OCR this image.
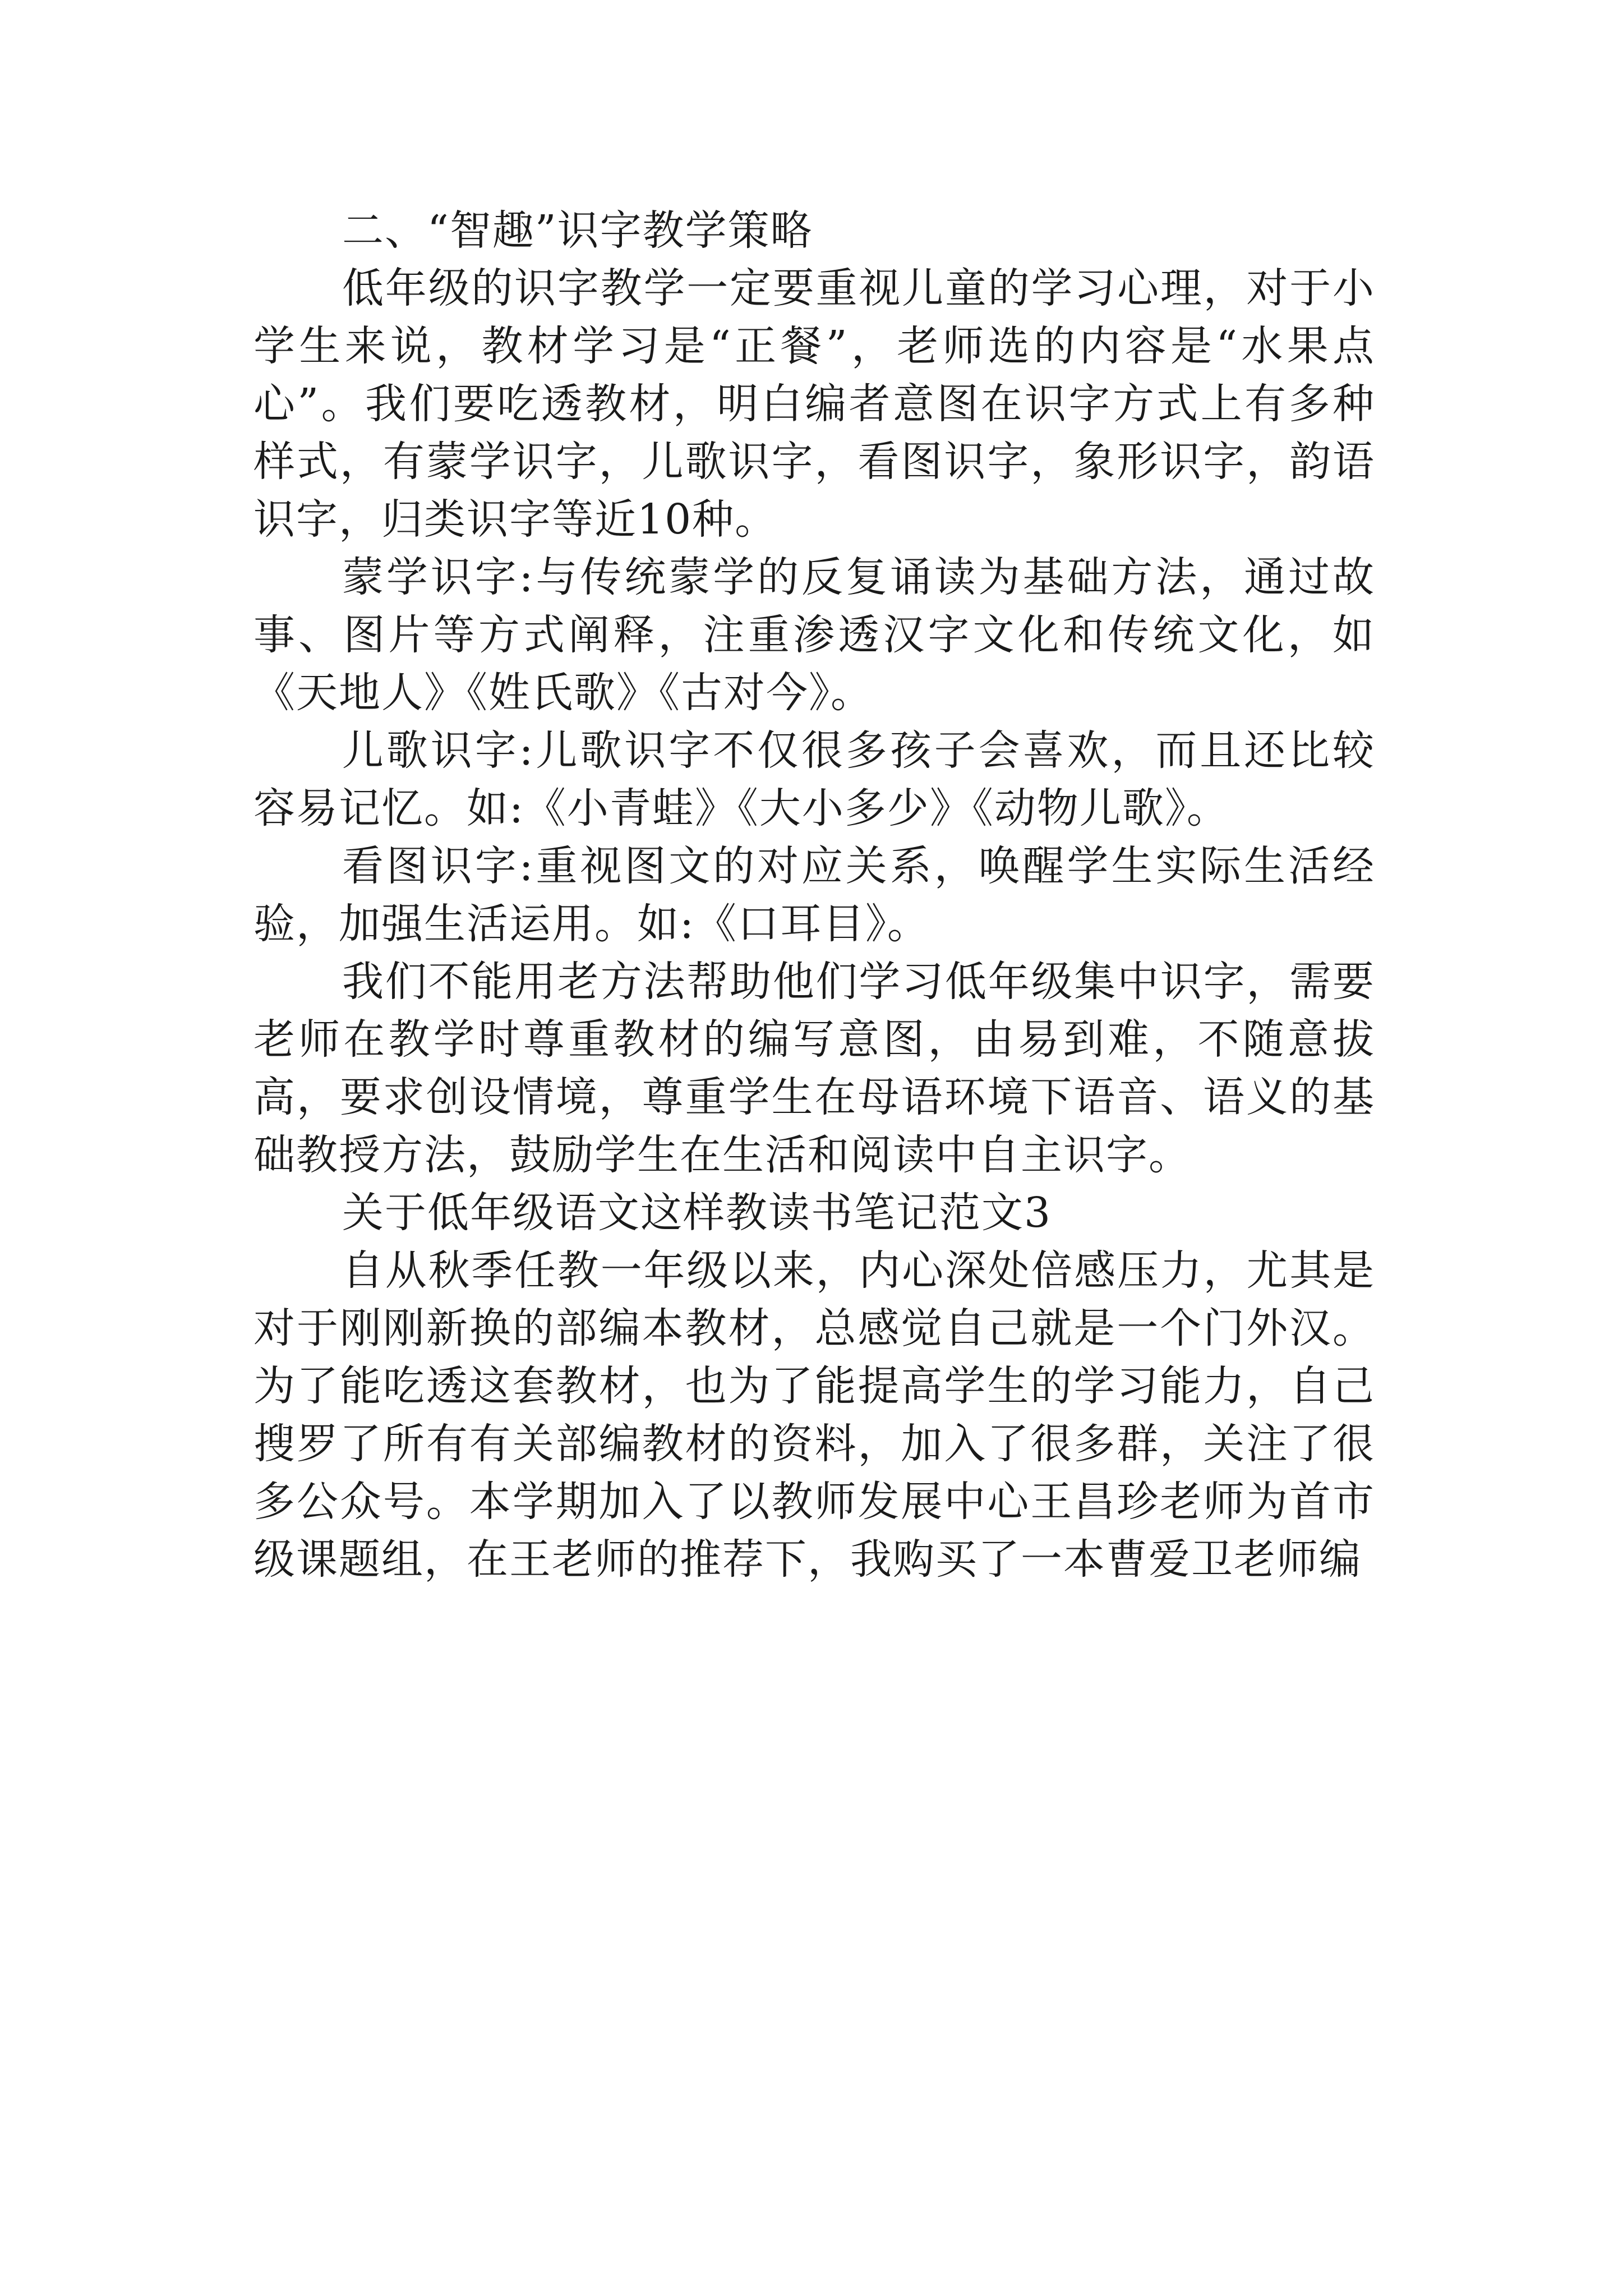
二、“智趣”识字教学策略

低年级的识字教学一定要重视儿童的学习心理，对于小学生来说，教材学习是“正餐”，老师选的内容是“水果点心”。我们要吃透教材，明白编者意图在识字方式上有多种样式，有蒙学识字，儿歌识字，看图识字，象形识字，韵语识字，归类识字等近10种。

蒙学识字:与传统蒙学的反复诵读为基础方法，通过故事、图片等方式阐释，注重渗透汉字文化和传统文化，如《天地人》《姓氏歌》《古对今》。

儿歌识字:儿歌识字不仅很多孩子会喜欢，而且还比较容易记忆。如:《小青蛙》《大小多少》《动物儿歌》。

看图识字:重视图文的对应关系，唤醒学生实际生活经验，加强生活运用。如:《口耳目》。

我们不能用老方法帮助他们学习低年级集中识字，需要老师在教学时尊重教材的编写意图，由易到难，不随意拔高，要求创设情境，尊重学生在母语环境下语音、语义的基础教授方法，鼓励学生在生活和阅读中自主识字。

关于低年级语文这样教读书笔记范文3

自从秋季任教一年级以来，内心深处倍感压力，尤其是对于刚刚新换的部编本教材，总感觉自己就是一个门外汉。为了能吃透这套教材，也为了能提高学生的学习能力，自己搜罗了所有有关部编教材的资料，加入了很多群，关注了很多公众号。本学期加入了以教师发展中心王昌珍老师为首市级课题组，在王老师的推荐下，我购买了一本曹爱卫老师编
